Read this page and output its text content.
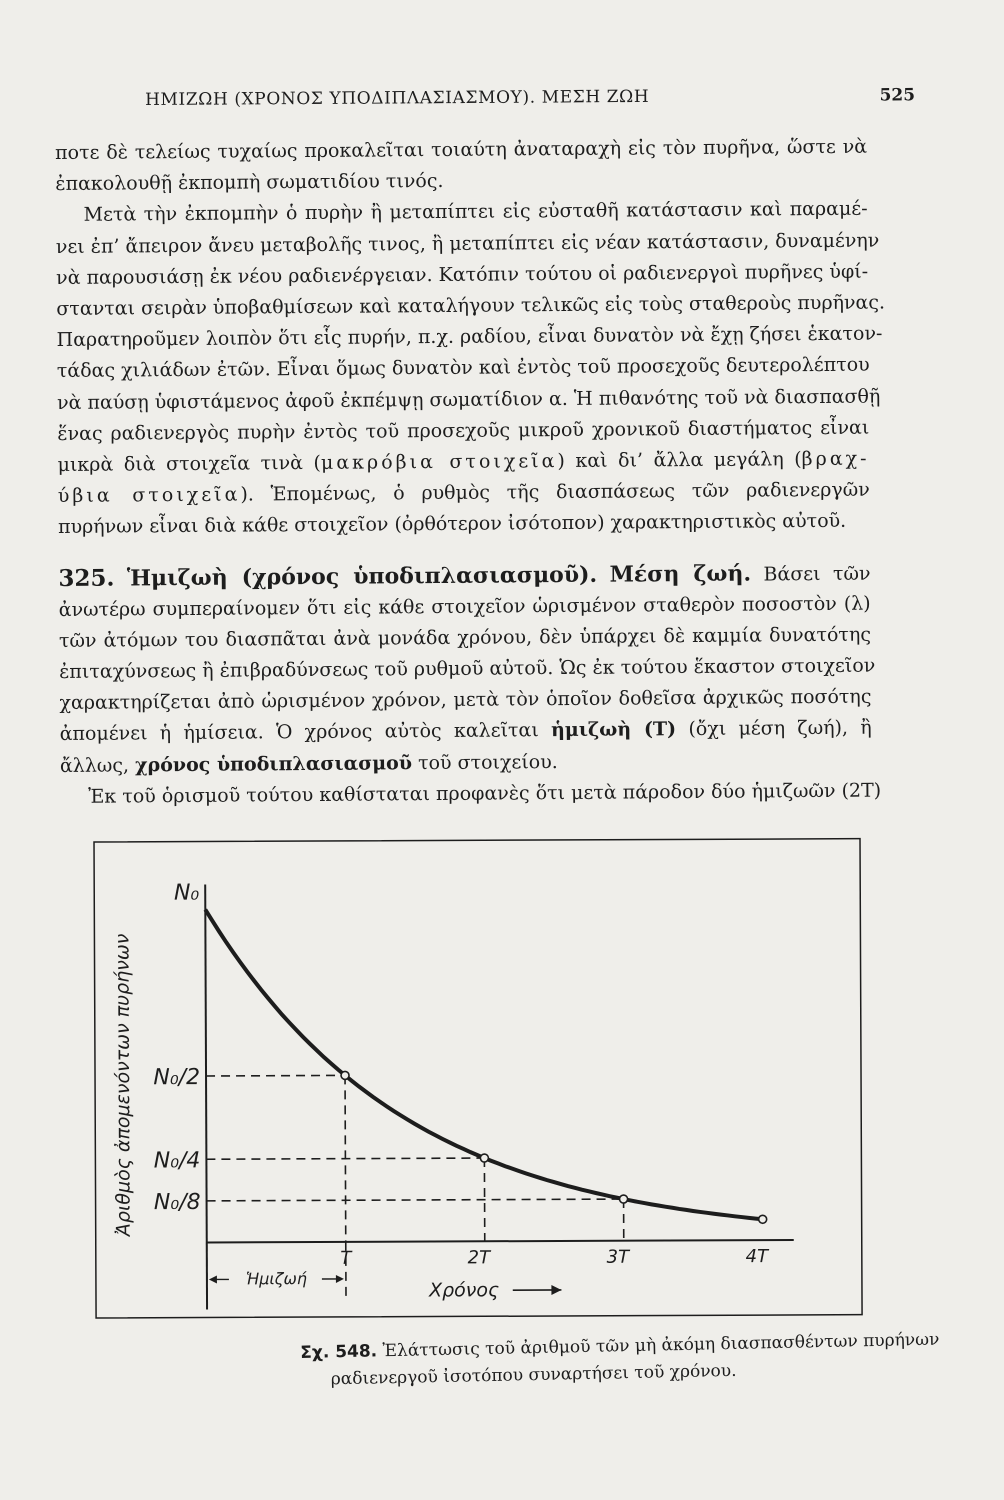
ΗΜΙΖΩΗ (ΧΡΟΝΟΣ ΥΠΟΔΙΠΛΑΣΙΑΣΜΟΥ). ΜΕΣΗ ΖΩΗ	525
ποτε δὲ τελείως τυχαίως προκαλεῖται τοιαύτη ἀναταραχὴ εἰς τὸν πυρῆνα, ὥστε νὰ
ἐπακολουθῇ ἐκπομπὴ σωματιδίου τινός.
Μετὰ τὴν ἐκπομπὴν ὁ πυρὴν ἢ μεταπίπτει εἰς εὐσταθῆ κατάστασιν καὶ παραμέ-
νει ἐπ’ ἄπειρον ἄνευ μεταβολῆς τινος, ἢ μεταπίπτει εἰς νέαν κατάστασιν, δυναμένην
νὰ παρουσιάσῃ ἐκ νέου ραδιενέργειαν. Κατόπιν τούτου οἱ ραδιενεργοὶ πυρῆνες ὑφί-
στανται σειρὰν ὑποβαθμίσεων καὶ καταλήγουν τελικῶς εἰς τοὺς σταθεροὺς πυρῆνας.
Παρατηροῦμεν λοιπὸν ὅτι εἷς πυρήν, π.χ. ραδίου, εἶναι δυνατὸν νὰ ἔχῃ ζήσει ἑκατον-
τάδας χιλιάδων ἐτῶν. Εἶναι ὅμως δυνατὸν καὶ ἐντὸς τοῦ προσεχοῦς δευτερολέπτου
νὰ παύσῃ ὑφιστάμενος ἀφοῦ ἐκπέμψῃ σωματίδιον α. Ἡ πιθανότης τοῦ νὰ διασπασθῇ
ἕνας ραδιενεργὸς πυρὴν ἐντὸς τοῦ προσεχοῦς μικροῦ χρονικοῦ διαστήματος εἶναι
μικρὰ διὰ στοιχεῖα τινὰ (μακρόβια στοιχεῖα) καὶ δι’ ἄλλα μεγάλη (βραχ-
ύβια στοιχεῖα). Ἑπομένως, ὁ ρυθμὸς τῆς διασπάσεως τῶν ραδιενεργῶν
πυρήνων εἶναι διὰ κάθε στοιχεῖον (ὀρθότερον ἰσότοπον) χαρακτηριστικὸς αὐτοῦ.
325. Ἡμιζωὴ (χρόνος ὑποδιπλασιασμοῦ). Μέση ζωή. Βάσει τῶν
ἀνωτέρω συμπεραίνομεν ὅτι εἰς κάθε στοιχεῖον ὡρισμένον σταθερὸν ποσοστὸν (λ)
τῶν ἀτόμων του διασπᾶται ἀνὰ μονάδα χρόνου, δὲν ὑπάρχει δὲ καμμία δυνατότης
ἐπιταχύνσεως ἢ ἐπιβραδύνσεως τοῦ ρυθμοῦ αὐτοῦ. Ὡς ἐκ τούτου ἕκαστον στοιχεῖον
χαρακτηρίζεται ἀπὸ ὡρισμένον χρόνον, μετὰ τὸν ὁποῖον δοθεῖσα ἀρχικῶς ποσότης
ἀπομένει ἡ ἡμίσεια. Ὁ χρόνος αὐτὸς καλεῖται ἡμιζωὴ (T) (ὄχι μέση ζωή), ἢ
ἄλλως, χρόνος ὑποδιπλασιασμοῦ τοῦ στοιχείου.
Ἐκ τοῦ ὁρισμοῦ τούτου καθίσταται προφανὲς ὅτι μετὰ πάροδον δύο ἡμιζωῶν (2T)
N₀
N₀/2
N₀/4
N₀/8
T	2T	3T	4T
Ἀριθμὸς ἀπομενόντων πυρήνων
Χρόνος
Ἡμιζωή
Σχ. 548. Ἐλάττωσις τοῦ ἀριθμοῦ τῶν μὴ ἀκόμη διασπασθέντων πυρήνων
ραδιενεργοῦ ἰσοτόπου συναρτήσει τοῦ χρόνου.
